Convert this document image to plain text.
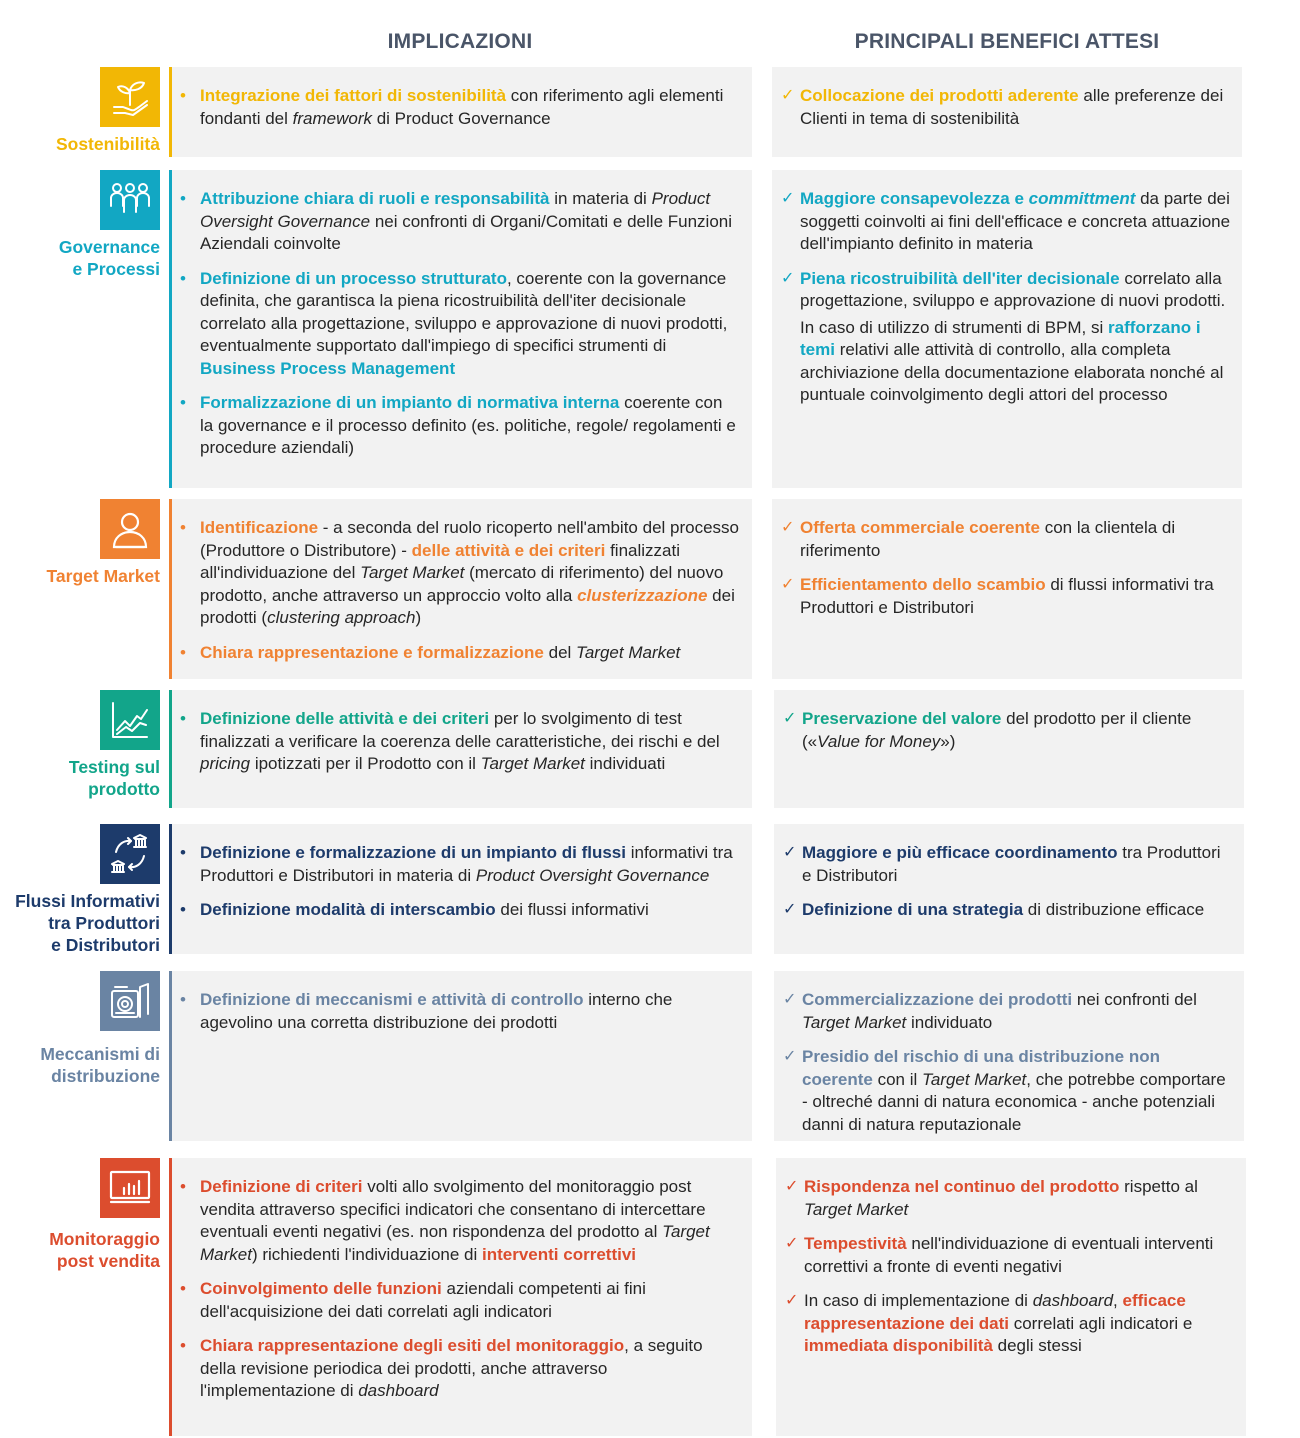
IMPLICAZIONI	PRINCIPALI BENEFICI ATTESI
Sostenibilità
• Integrazione dei fattori di sostenibilità con riferimento agli elementi fondanti del framework di Product Governance
✓ Collocazione dei prodotti aderente alle preferenze dei Clienti in tema di sostenibilità
Governance
e Processi
• Attribuzione chiara di ruoli e responsabilità in materia di Product Oversight Governance nei confronti di Organi/Comitati e delle Funzioni Aziendali coinvolte
• Definizione di un processo strutturato, coerente con la governance definita, che garantisca la piena ricostruibilità dell'iter decisionale correlato alla progettazione, sviluppo e approvazione di nuovi prodotti, eventualmente supportato dall'impiego di specifici strumenti di Business Process Management
• Formalizzazione di un impianto di normativa interna coerente con la governance e il processo definito (es. politiche, regole/ regolamenti e procedure aziendali)
✓ Maggiore consapevolezza e committment da parte dei soggetti coinvolti ai fini dell'efficace e concreta attuazione dell'impianto definito in materia
✓ Piena ricostruibilità dell'iter decisionale correlato alla progettazione, sviluppo e approvazione di nuovi prodotti.
In caso di utilizzo di strumenti di BPM, si rafforzano i temi relativi alle attività di controllo, alla completa archiviazione della documentazione elaborata nonché al puntuale coinvolgimento degli attori del processo
Target Market
• Identificazione - a seconda del ruolo ricoperto nell'ambito del processo (Produttore o Distributore) - delle attività e dei criteri finalizzati all'individuazione del Target Market (mercato di riferimento) del nuovo prodotto, anche attraverso un approccio volto alla clusterizzazione dei prodotti (clustering approach)
• Chiara rappresentazione e formalizzazione del Target Market
✓ Offerta commerciale coerente con la clientela di riferimento
✓ Efficientamento dello scambio di flussi informativi tra Produttori e Distributori
Testing sul
prodotto
• Definizione delle attività e dei criteri per lo svolgimento di test finalizzati a verificare la coerenza delle caratteristiche, dei rischi e del pricing ipotizzati per il Prodotto con il Target Market individuati
✓ Preservazione del valore del prodotto per il cliente («Value for Money»)
Flussi Informativi
tra Produttori
e Distributori
• Definizione e formalizzazione di un impianto di flussi informativi tra Produttori e Distributori in materia di Product Oversight Governance
• Definizione modalità di interscambio dei flussi informativi
✓ Maggiore e più efficace coordinamento tra Produttori e Distributori
✓ Definizione di una strategia di distribuzione efficace
Meccanismi di
distribuzione
• Definizione di meccanismi e attività di controllo interno che agevolino una corretta distribuzione dei prodotti
✓ Commercializzazione dei prodotti nei confronti del Target Market individuato
✓ Presidio del rischio di una distribuzione non coerente con il Target Market, che potrebbe comportare - oltreché danni di natura economica - anche potenziali danni di natura reputazionale
Monitoraggio
post vendita
• Definizione di criteri volti allo svolgimento del monitoraggio post vendita attraverso specifici indicatori che consentano di intercettare eventuali eventi negativi (es. non rispondenza del prodotto al Target Market) richiedenti l'individuazione di interventi correttivi
• Coinvolgimento delle funzioni aziendali competenti ai fini dell'acquisizione dei dati correlati agli indicatori
• Chiara rappresentazione degli esiti del monitoraggio, a seguito della revisione periodica dei prodotti, anche attraverso l'implementazione di dashboard
✓ Rispondenza nel continuo del prodotto rispetto al Target Market
✓ Tempestività nell'individuazione di eventuali interventi correttivi a fronte di eventi negativi
✓ In caso di implementazione di dashboard, efficace rappresentazione dei dati correlati agli indicatori e immediata disponibilità degli stessi
